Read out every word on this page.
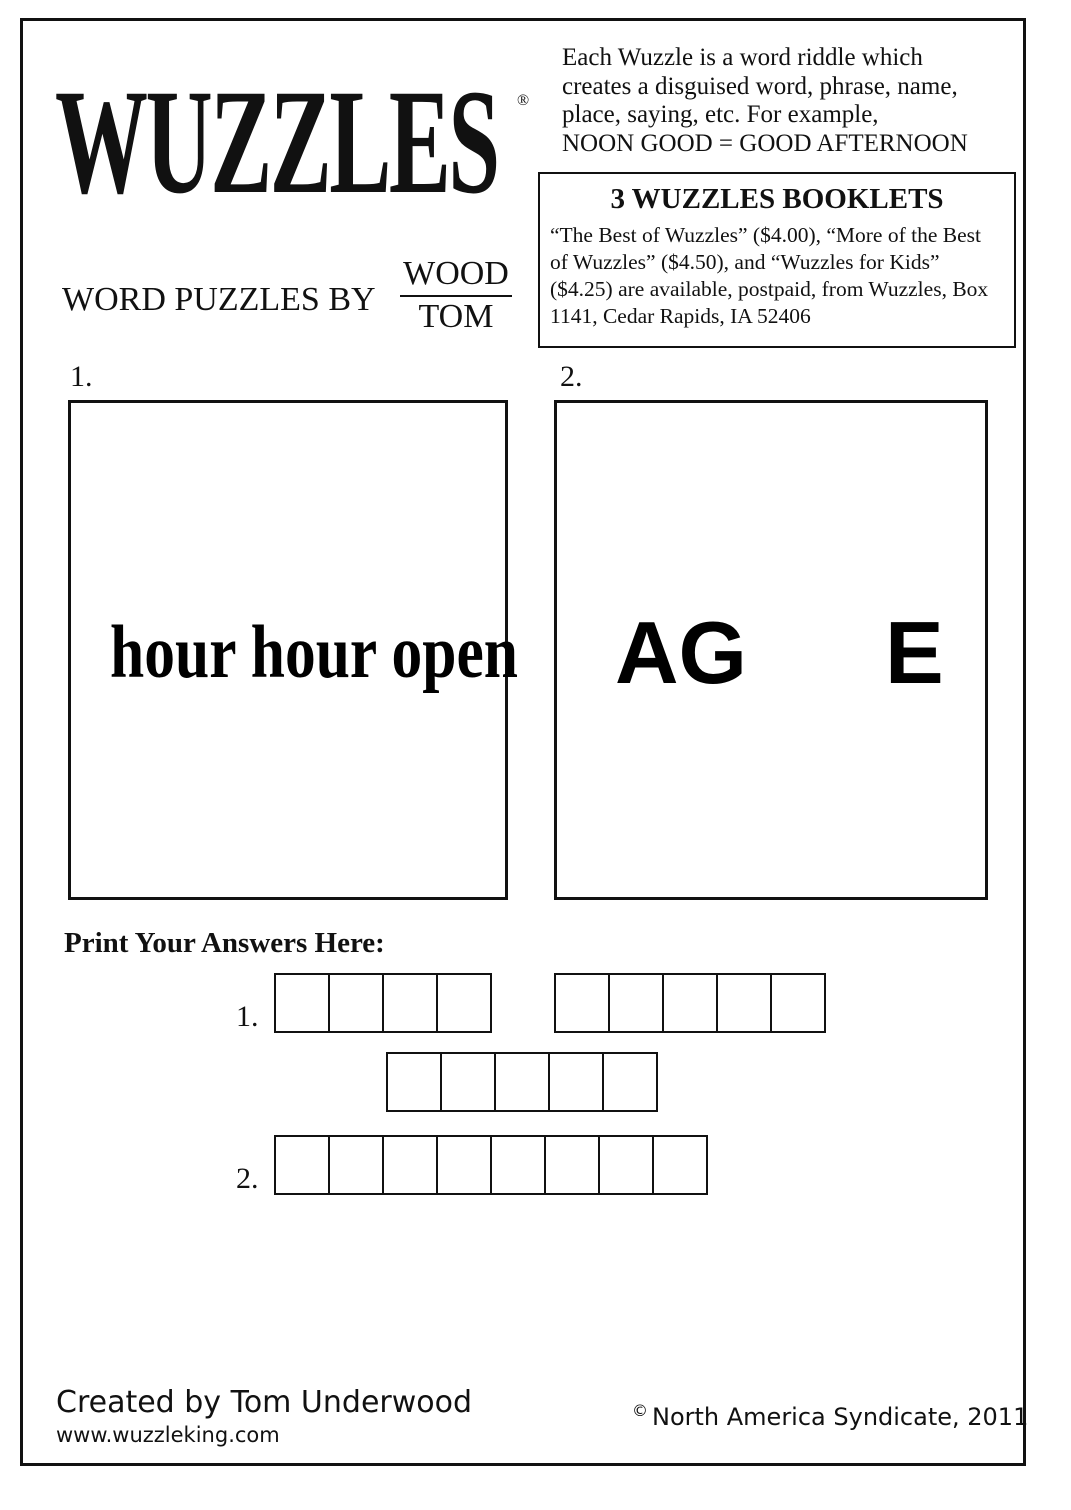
WUZZLES ®
WORD PUZZLES BY
WOOD
TOM
Each Wuzzle is a word riddle which
creates a disguised word, phrase, name,
place, saying, etc. For example,
NOON GOOD = GOOD AFTERNOON
3 WUZZLES BOOKLETS

“The Best of Wuzzles” ($4.00), “More of the Best of Wuzzles” ($4.50), and “Wuzzles for Kids” ($4.25) are available, postpaid, from Wuzzles, Box 1141, Cedar Rapids, IA 52406

1.	2.
hour hour open AG E
Print Your Answers Here:
1.
2.
Created by Tom Underwood
www.wuzzleking.com
© North America Syndicate, 2011
